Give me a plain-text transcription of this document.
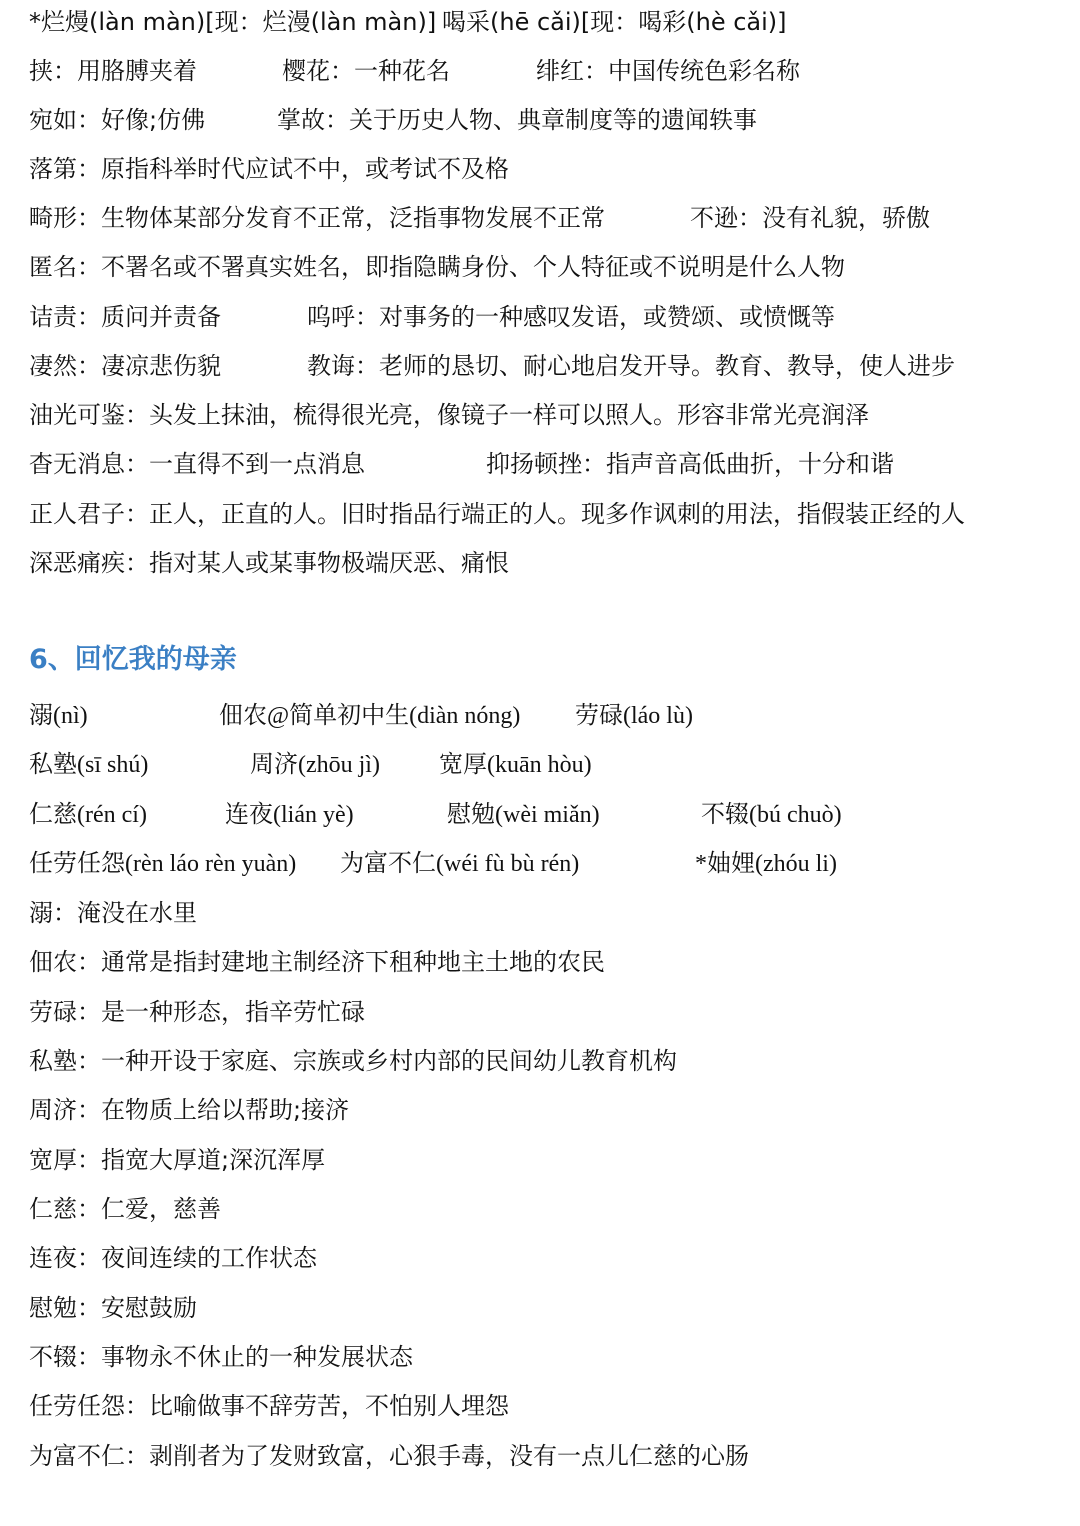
*烂熳(làn màn)[现：烂漫(làn màn)] 喝采(hē cǎi)[现：喝彩(hè cǎi)]
挟：用胳膊夹着	樱花：一种花名	绯红：中国传统色彩名称
宛如：好像;仿佛	掌故：关于历史人物、典章制度等的遗闻轶事
落第：原指科举时代应试不中，或考试不及格
畸形：生物体某部分发育不正常，泛指事物发展不正常	不逊：没有礼貌，骄傲
匿名：不署名或不署真实姓名，即指隐瞒身份、个人特征或不说明是什么人物
诘责：质问并责备	呜呼：对事务的一种感叹发语，或赞颂、或愤慨等
凄然：凄凉悲伤貌	教诲：老师的恳切、耐心地启发开导。教育、教导，使人进步
油光可鉴：头发上抹油，梳得很光亮，像镜子一样可以照人。形容非常光亮润泽
杳无消息：一直得不到一点消息	抑扬顿挫：指声音高低曲折，十分和谐
正人君子：正人，正直的人。旧时指品行端正的人。现多作讽刺的用法，指假装正经的人
深恶痛疾：指对某人或某事物极端厌恶、痛恨
6、回忆我的母亲
溺(nì)	佃农@简单初中生(diàn nóng) 劳碌(láo lù)
私塾(sī shú)	周济(zhōu jì) 宽厚(kuān hòu)
仁慈(rén cí)	连夜(lián yè)	慰勉(wèi miǎn)	不辍(bú chuò)
任劳任怨(rèn láo rèn yuàn) 为富不仁(wéi fù bù rén)	*妯娌(zhóu li)
溺：淹没在水里
佃农：通常是指封建地主制经济下租种地主土地的农民
劳碌：是一种形态，指辛劳忙碌
私塾：一种开设于家庭、宗族或乡村内部的民间幼儿教育机构
周济：在物质上给以帮助;接济
宽厚：指宽大厚道;深沉浑厚
仁慈：仁爱，慈善
连夜：夜间连续的工作状态
慰勉：安慰鼓励
不辍：事物永不休止的一种发展状态
任劳任怨：比喻做事不辞劳苦，不怕别人埋怨
为富不仁：剥削者为了发财致富，心狠手毒，没有一点儿仁慈的心肠
